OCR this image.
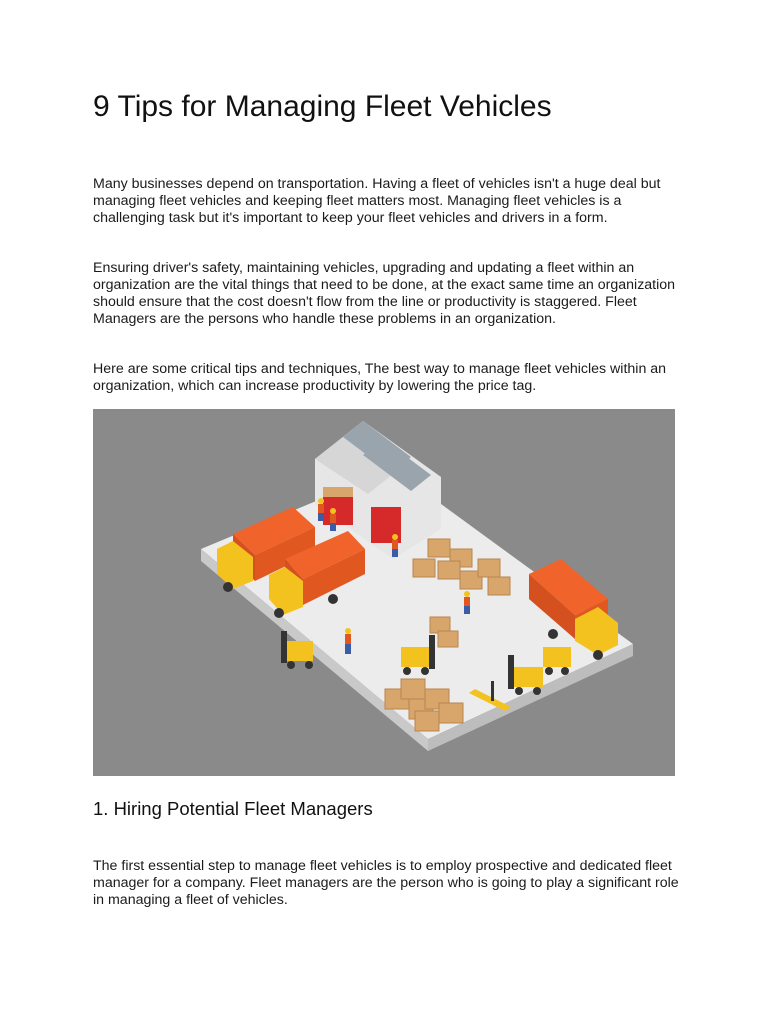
9 Tips for Managing Fleet Vehicles

Many businesses depend on transportation. Having a fleet of vehicles isn't a huge deal but managing fleet vehicles and keeping fleet matters most. Managing fleet vehicles is a challenging task but it's important to keep your fleet vehicles and drivers in a form.

Ensuring driver's safety, maintaining vehicles, upgrading and updating a fleet within an organization are the vital things that need to be done, at the exact same time an organization should ensure that the cost doesn't flow from the line or productivity is staggered. Fleet Managers are the persons who handle these problems in an organization.

Here are some critical tips and techniques, The best way to manage fleet vehicles within an organization, which can increase productivity by lowering the price tag.

1. Hiring Potential Fleet Managers

The first essential step to manage fleet vehicles is to employ prospective and dedicated fleet manager for a company. Fleet managers are the person who is going to play a significant role in managing a fleet of vehicles.
